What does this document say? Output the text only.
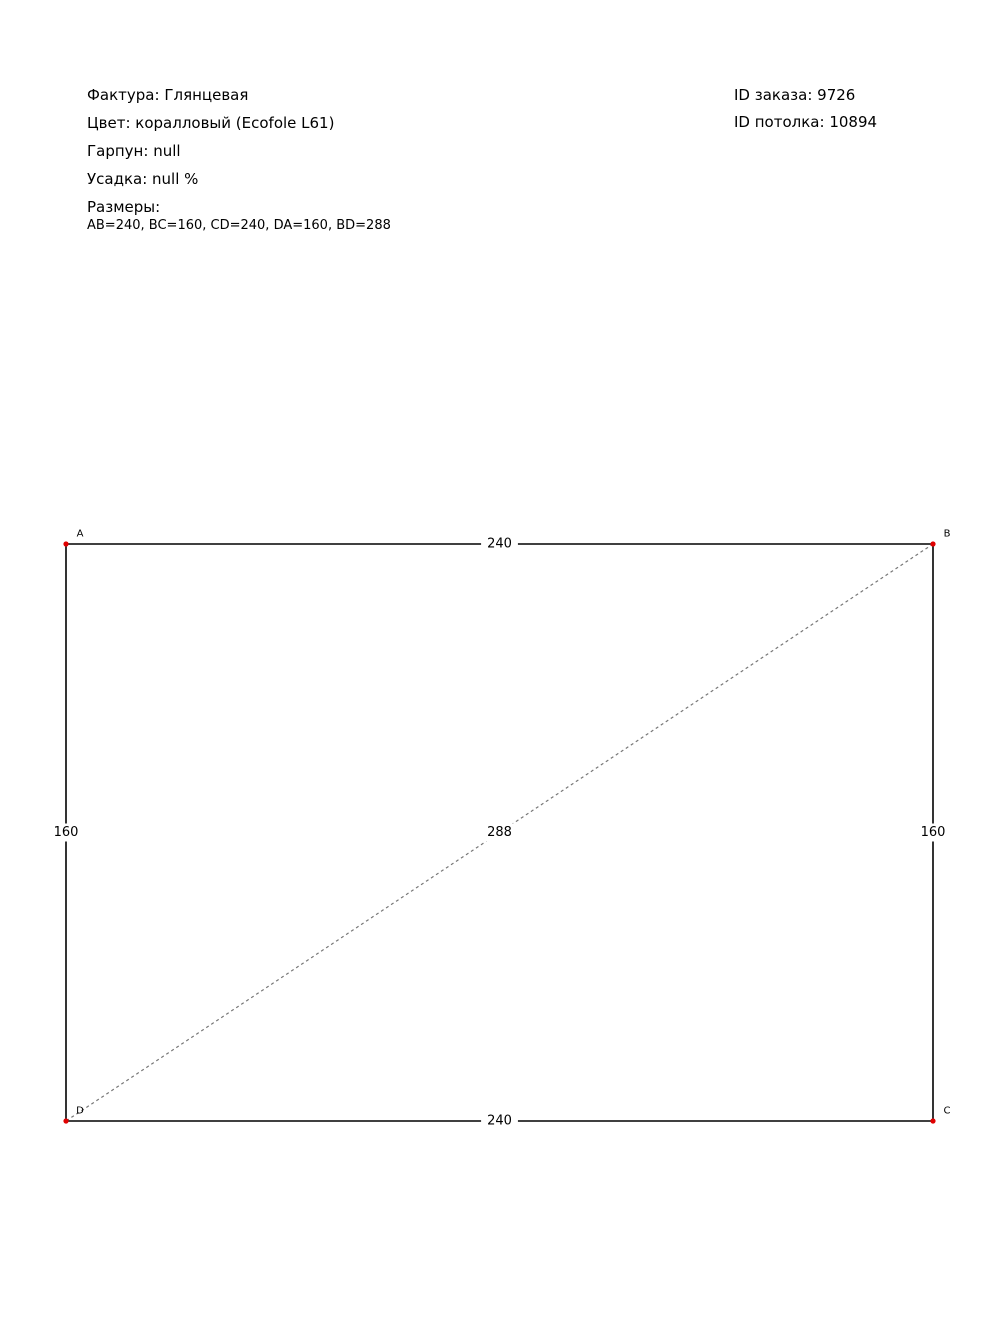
Фактура: Глянцевая
Цвет: коралловый (Ecofole L61)
Гарпун: null
Усадка: null %
Размеры:
AB=240, BC=160, CD=240, DA=160, BD=288
ID заказа: 9726
ID потолка: 10894
240
160
240
160	288
A	B
C
D
